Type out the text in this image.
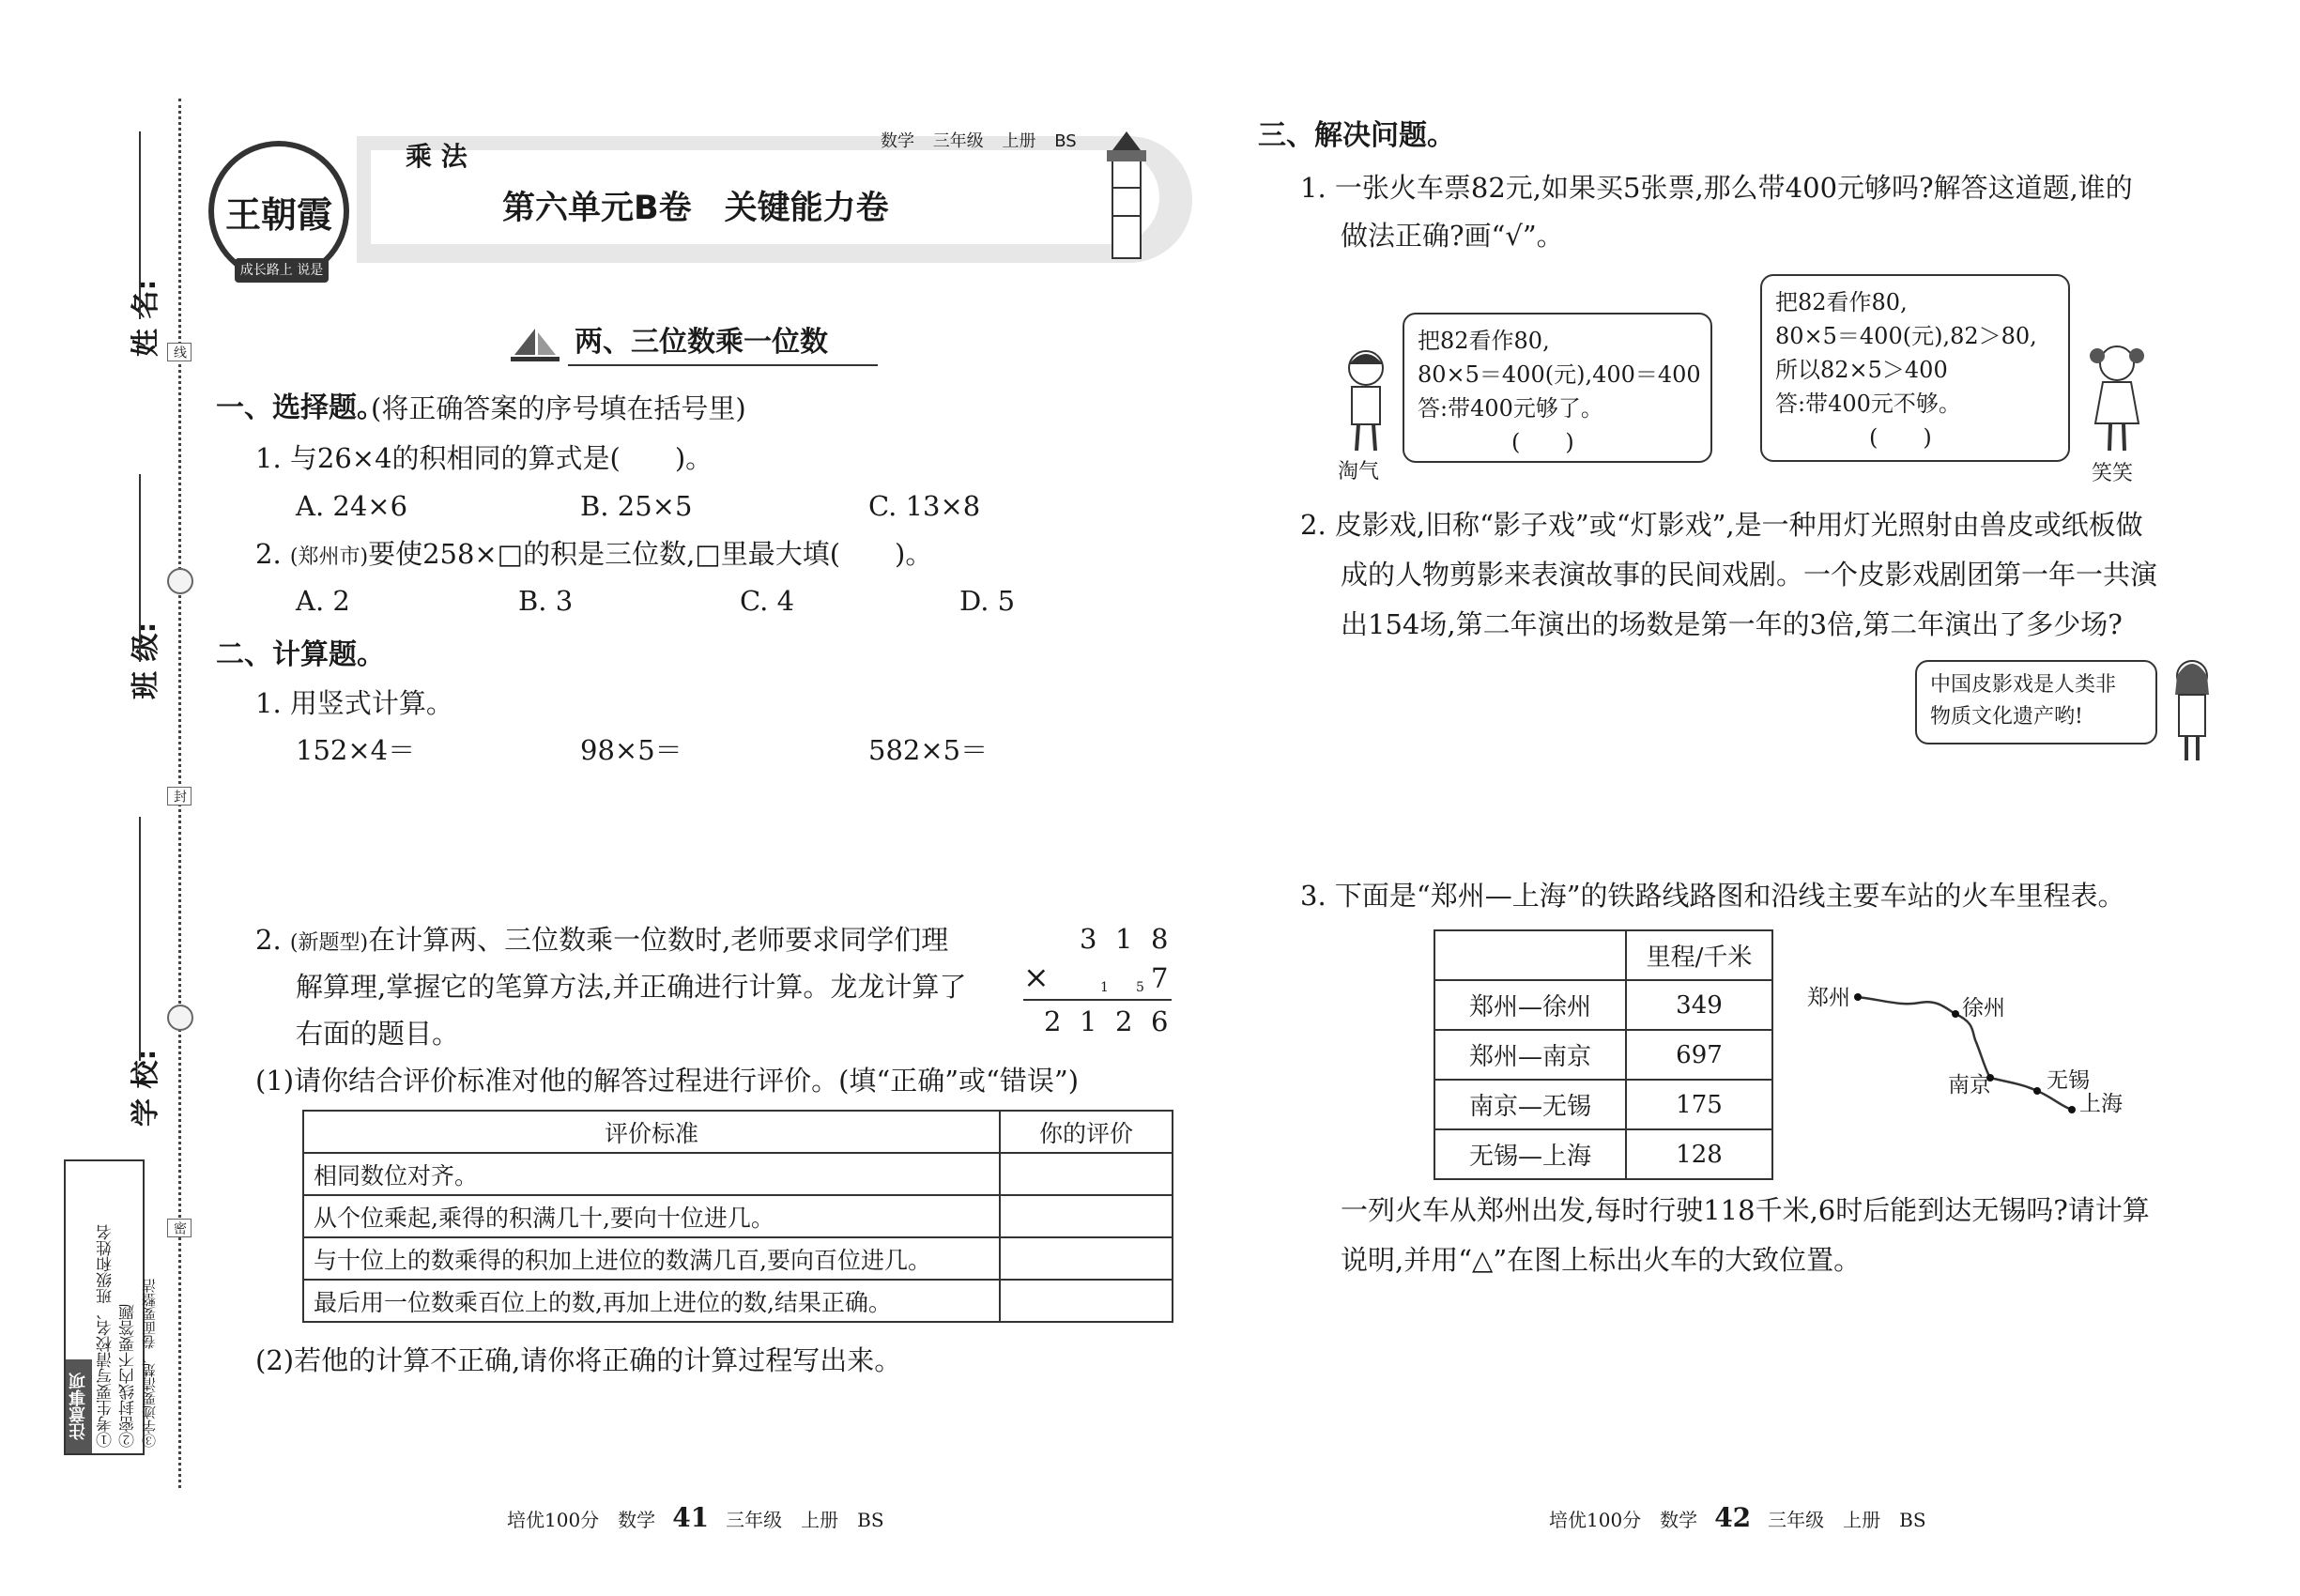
姓 名:
班 级:
学 校:
线
封
密
注意事项 ①考生要写清校名、班级和姓名 ②密封线内不要答题 ③字迹要清楚、卷面要整洁
王朝霞
成长路上 说是满天
乘 法	数学 三年级 上册 BS
第六单元B卷　关键能力卷
两、三位数乘一位数
一、选择题。
(将正确答案的序号填在括号里)
1. 与26×4的积相同的算式是(　　)。
A. 24×6	B. 25×5	C. 13×8
2. (郑州市)要使258×□的积是三位数,□里最大填(　　)。
A. 2	B. 3	C. 4	D. 5
二、计算题。
1. 用竖式计算。
152×4＝	98×5＝	582×5＝
2. (新题型)在计算两、三位数乘一位数时,老师要求同学们理
解算理,掌握它的笔算方法,并正确进行计算。龙龙计算了
右面的题目。
3 1 8
×	1 5 7
2 1 2 6
(1)请你结合评价标准对他的解答过程进行评价。(填“正确”或“错误”)
评价标准	你的评价
相同数位对齐。	
从个位乘起,乘得的积满几十,要向十位进几。	
与十位上的数乘得的积加上进位的数满几百,要向百位进几。	
最后用一位数乘百位上的数,再加上进位的数,结果正确。	
(2)若他的计算不正确,请你将正确的计算过程写出来。
培优100分　数学 41 三年级　上册　BS
三、解决问题。
1. 一张火车票82元,如果买5张票,那么带400元够吗?解答这道题,谁的
做法正确?画“√”。
淘气
把82看作80,
80×5＝400(元),400＝400
答:带400元够了。
(　　)
把82看作80,
80×5＝400(元),82＞80,
所以82×5＞400
答:带400元不够。
(　　)
笑笑
2. 皮影戏,旧称“影子戏”或“灯影戏”,是一种用灯光照射由兽皮或纸板做
成的人物剪影来表演故事的民间戏剧。一个皮影戏剧团第一年一共演
出154场,第二年演出的场数是第一年的3倍,第二年演出了多少场?
中国皮影戏是人类非
物质文化遗产哟!
3. 下面是“郑州—上海”的铁路线路图和沿线主要车站的火车里程表。
	里程/千米
郑州—徐州	349
郑州—南京	697
南京—无锡	175
无锡—上海	128
郑州	徐州
南京	无锡
上海
一列火车从郑州出发,每时行驶118千米,6时后能到达无锡吗?请计算
说明,并用“△”在图上标出火车的大致位置。
培优100分　数学 42 三年级　上册　BS
